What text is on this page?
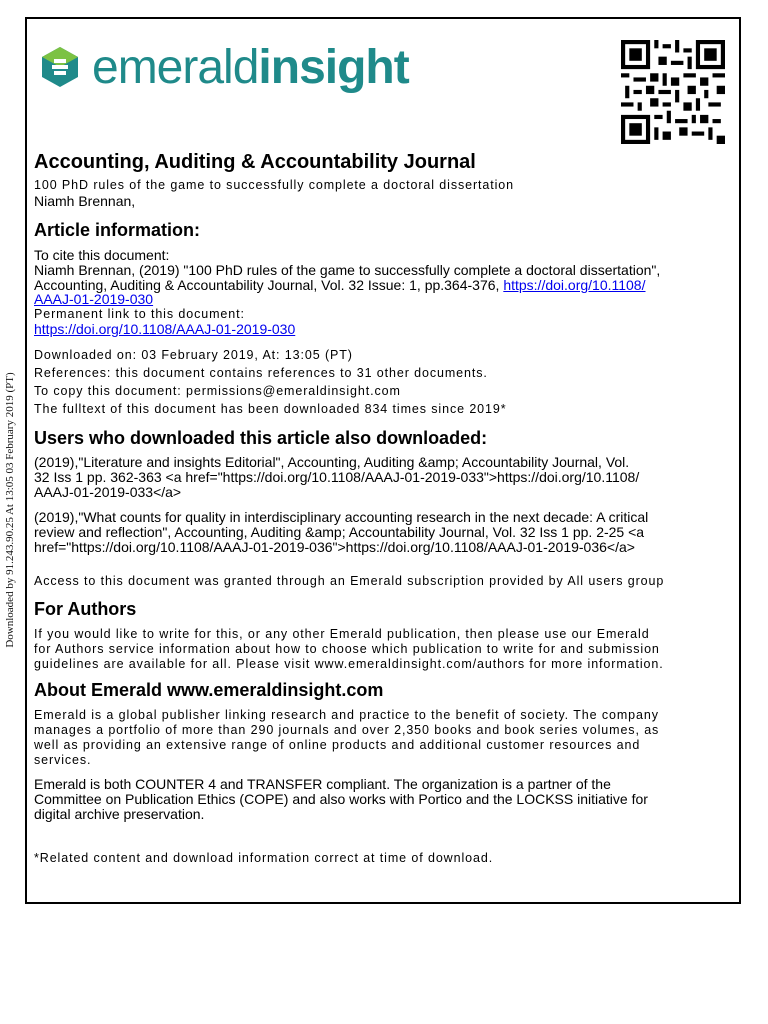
Downloaded by 91.243.90.25 At 13:05 03 February 2019 (PT)
emeraldinsight
Accounting, Auditing & Accountability Journal
100 PhD rules of the game to successfully complete a doctoral dissertation
Niamh Brennan,
Article information:
To cite this document:
Niamh Brennan, (2019) "100 PhD rules of the game to successfully complete a doctoral dissertation",
Accounting, Auditing & Accountability Journal, Vol. 32 Issue: 1, pp.364-376, https://doi.org/10.1108/
AAAJ-01-2019-030
Permanent link to this document:
https://doi.org/10.1108/AAAJ-01-2019-030
Downloaded on: 03 February 2019, At: 13:05 (PT)
References: this document contains references to 31 other documents.
To copy this document: permissions@emeraldinsight.com
The fulltext of this document has been downloaded 834 times since 2019*
Users who downloaded this article also downloaded:
(2019),"Literature and insights Editorial", Accounting, Auditing &amp; Accountability Journal, Vol.
32 Iss 1 pp. 362-363 <a href="https://doi.org/10.1108/AAAJ-01-2019-033">https://doi.org/10.1108/
AAAJ-01-2019-033</a>
(2019),"What counts for quality in interdisciplinary accounting research in the next decade: A critical
review and reflection", Accounting, Auditing &amp; Accountability Journal, Vol. 32 Iss 1 pp. 2-25 <a
href="https://doi.org/10.1108/AAAJ-01-2019-036">https://doi.org/10.1108/AAAJ-01-2019-036</a>
Access to this document was granted through an Emerald subscription provided by All users group
For Authors
If you would like to write for this, or any other Emerald publication, then please use our Emerald
for Authors service information about how to choose which publication to write for and submission
guidelines are available for all. Please visit www.emeraldinsight.com/authors for more information.
About Emerald www.emeraldinsight.com
Emerald is a global publisher linking research and practice to the benefit of society. The company
manages a portfolio of more than 290 journals and over 2,350 books and book series volumes, as
well as providing an extensive range of online products and additional customer resources and
services.
Emerald is both COUNTER 4 and TRANSFER compliant. The organization is a partner of the
Committee on Publication Ethics (COPE) and also works with Portico and the LOCKSS initiative for
digital archive preservation.
*Related content and download information correct at time of download.
